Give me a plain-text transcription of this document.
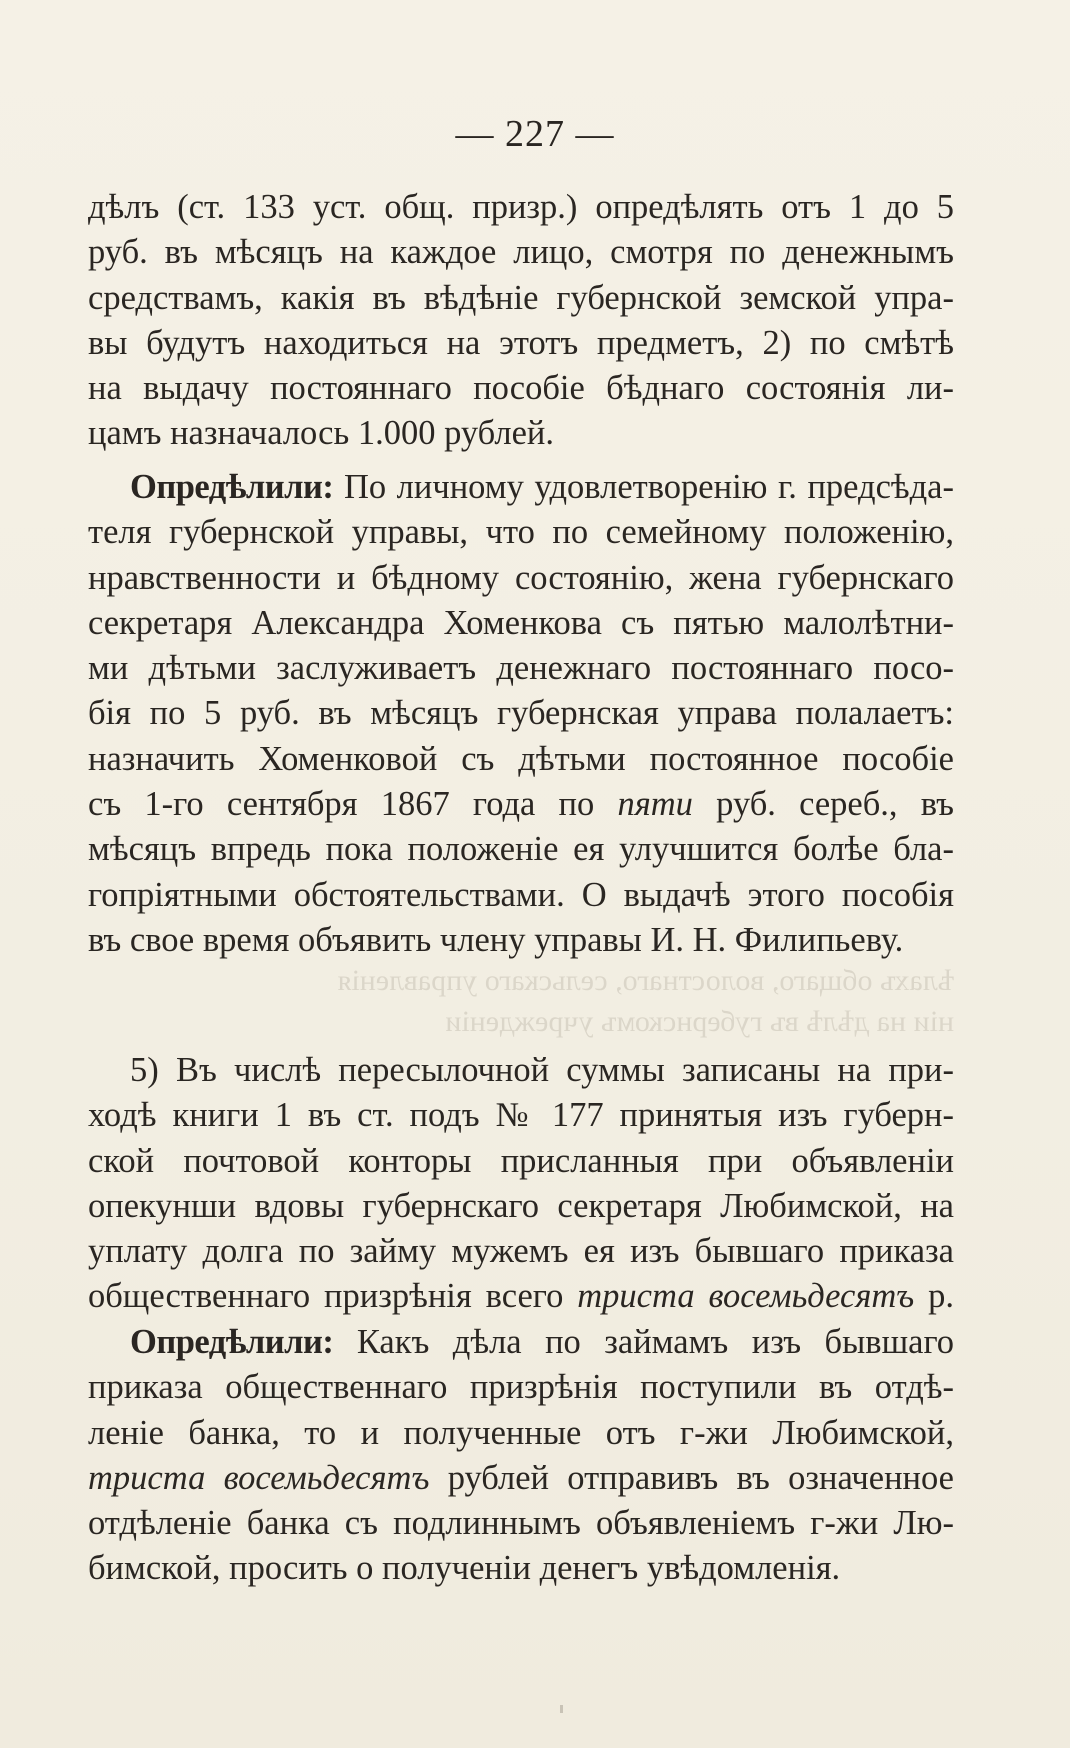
— 227 —
дѣлъ (ст. 133 уст. общ. призр.) опредѣлять отъ 1 до 5
руб. въ мѣсяцъ на каждое лицо, смотря по денежнымъ
средствамъ, какія въ вѣдѣніе губернской земской упра-
вы будутъ находиться на этотъ предметъ, 2) по смѣтѣ
на выдачу постояннаго пособіе бѣднаго состоянія ли-
цамъ назначалось 1.000 рублей.
Опредѣлили: По личному удовлетворенію г. предсѣда-
теля губернской управы, что по семейному положенію,
нравственности и бѣдному состоянію, жена губернскаго
секретаря Александра Хоменкова съ пятью малолѣтни-
ми дѣтьми заслуживаетъ денежнаго постояннаго посо-
бія по 5 руб. въ мѣсяцъ губернская управа полалаетъ:
назначить Хоменковой съ дѣтьми постоянное пособіе
съ 1-го сентября 1867 года по пяти руб. сереб., въ
мѣсяцъ впредь пока положеніе ея улучшится болѣе бла-
гопріятными обстоятельствами. О выдачѣ этого пособія
въ свое время объявить члену управы И. Н. Филипьеву.
ѣлахъ общаго, волостнаго, сельскаго управленія
ніи на дѣлѣ въ губернскомъ учрежденіи
5) Въ числѣ пересылочной суммы записаны на при-
ходѣ книги 1 въ ст. подъ № 177 принятыя изъ губерн-
ской почтовой конторы присланныя при объявленіи
опекунши вдовы губернскаго секретаря Любимской, на
уплату долга по займу мужемъ ея изъ бывшаго приказа
общественнаго призрѣнія всего триста восемьдесятъ р.
Опредѣлили: Какъ дѣла по займамъ изъ бывшаго
приказа общественнаго призрѣнія поступили въ отдѣ-
леніе банка, то и полученные отъ г-жи Любимской,
триста восемьдесятъ рублей отправивъ въ означенное
отдѣленіе банка съ подлиннымъ объявленіемъ г-жи Лю-
бимской, просить о полученіи денегъ увѣдомленія.
